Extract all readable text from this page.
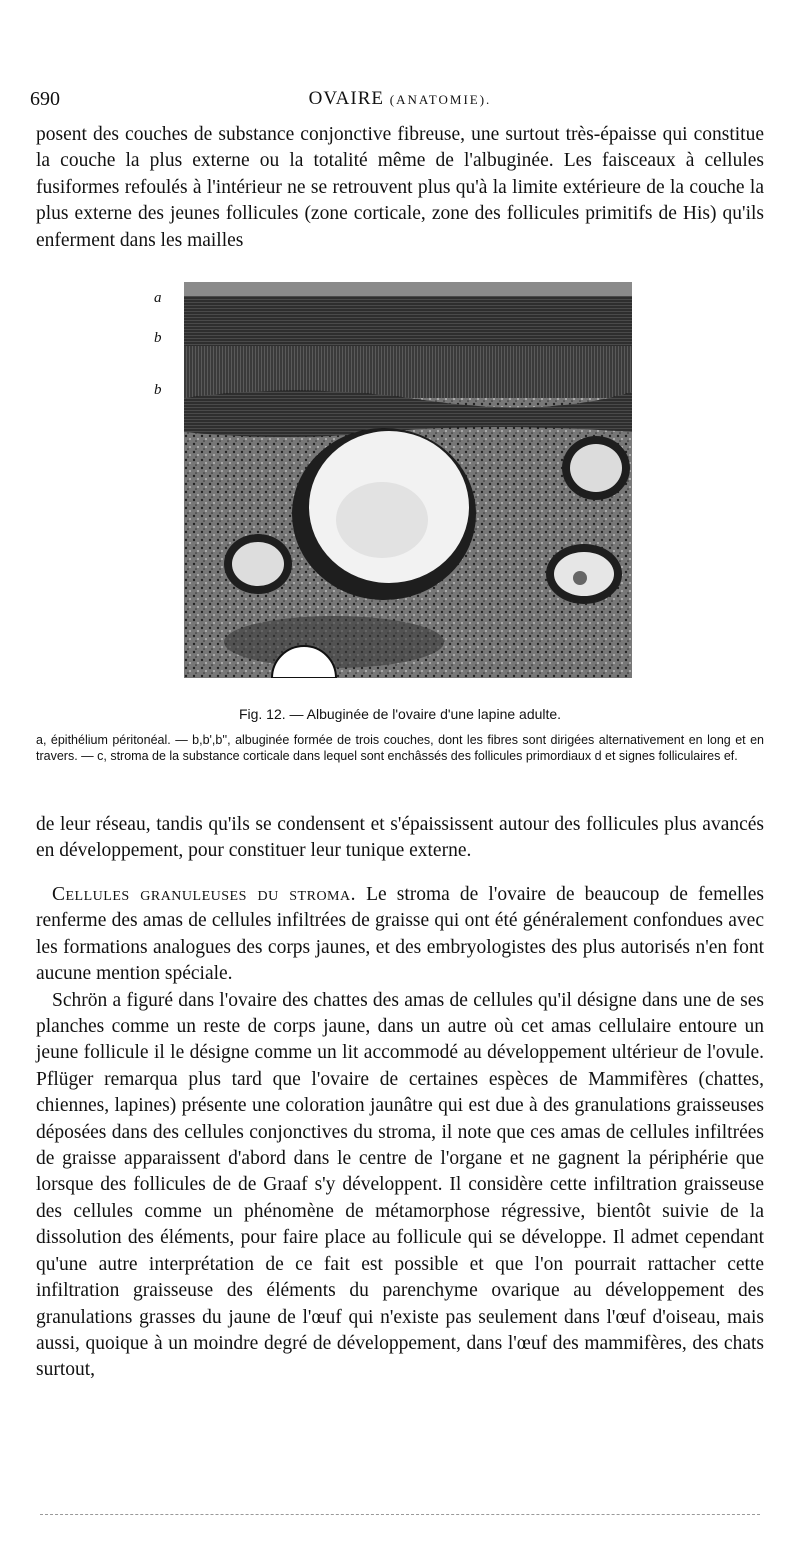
690	OVAIRE (ANATOMIE).

posent des couches de substance conjonctive fibreuse, une surtout très-épaisse qui constitue la couche la plus externe ou la totalité même de l'albuginée. Les faisceaux à cellules fusiformes refoulés à l'intérieur ne se retrouvent plus qu'à la limite extérieure de la couche la plus externe des jeunes follicules (zone corticale, zone des follicules primitifs de His) qu'ils enferment dans les mailles

a
b
b
Fig. 12. — Albuginée de l'ovaire d'une lapine adulte.
a, épithélium péritonéal. — b,b',b'', albuginée formée de trois couches, dont les fibres sont dirigées alternativement en long et en travers. — c, stroma de la substance corticale dans lequel sont enchâssés des follicules primordiaux d et signes folliculaires ef.

de leur réseau, tandis qu'ils se condensent et s'épaississent autour des follicules plus avancés en développement, pour constituer leur tunique externe.

Cellules granuleuses du stroma. Le stroma de l'ovaire de beaucoup de femelles renferme des amas de cellules infiltrées de graisse qui ont été généralement confondues avec les formations analogues des corps jaunes, et des embryologistes des plus autorisés n'en font aucune mention spéciale.

Schrön a figuré dans l'ovaire des chattes des amas de cellules qu'il désigne dans une de ses planches comme un reste de corps jaune, dans un autre où cet amas cellulaire entoure un jeune follicule il le désigne comme un lit accommodé au développement ultérieur de l'ovule. Pflüger remarqua plus tard que l'ovaire de certaines espèces de Mammifères (chattes, chiennes, lapines) présente une coloration jaunâtre qui est due à des granulations graisseuses déposées dans des cellules conjonctives du stroma, il note que ces amas de cellules infiltrées de graisse apparaissent d'abord dans le centre de l'organe et ne gagnent la périphérie que lorsque des follicules de de Graaf s'y développent. Il considère cette infiltration graisseuse des cellules comme un phénomène de métamorphose régressive, bientôt suivie de la dissolution des éléments, pour faire place au follicule qui se développe. Il admet cependant qu'une autre interprétation de ce fait est possible et que l'on pourrait rattacher cette infiltration graisseuse des éléments du parenchyme ovarique au développement des granulations grasses du jaune de l'œuf qui n'existe pas seulement dans l'œuf d'oiseau, mais aussi, quoique à un moindre degré de développement, dans l'œuf des mammifères, des chats surtout,
